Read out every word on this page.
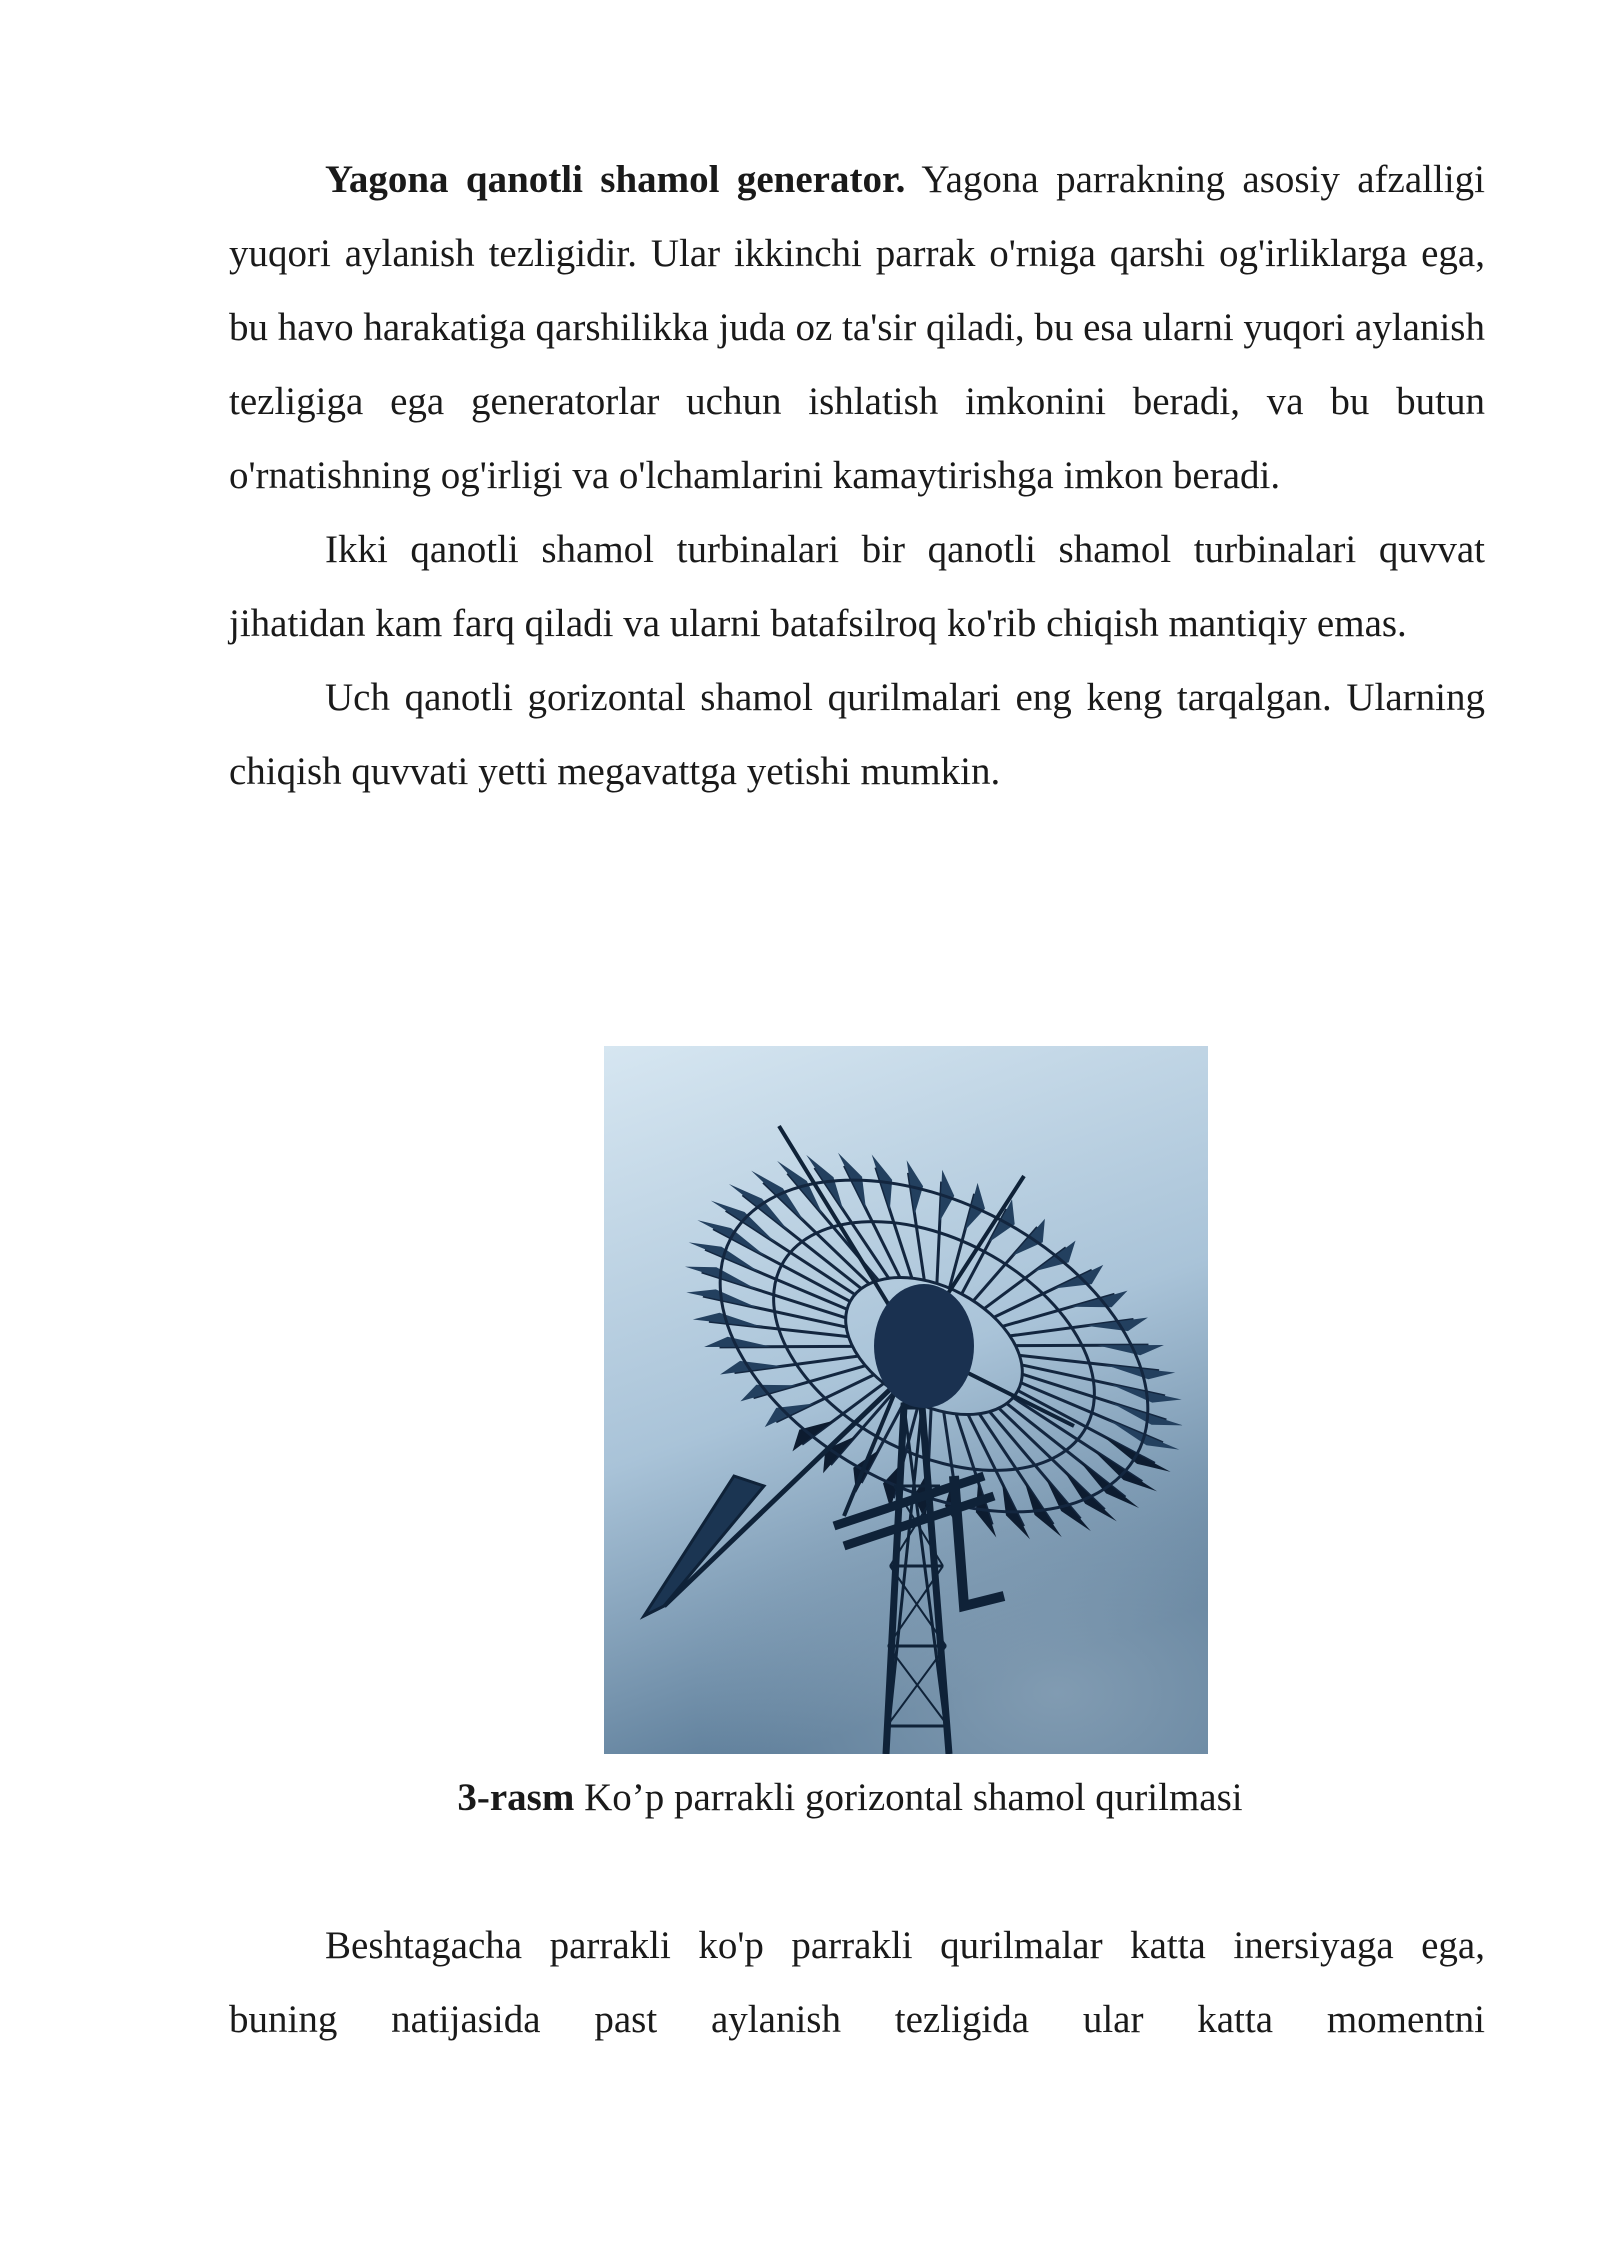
Yagona qanotli shamol generator. Yagona parrakning asosiy afzalligi yuqori aylanish tezligidir. Ular ikkinchi parrak o'rniga qarshi og'irliklarga ega, bu havo harakatiga qarshilikka juda oz ta'sir qiladi, bu esa ularni yuqori aylanish tezligiga ega generatorlar uchun ishlatish imkonini beradi, va bu butun o'rnatishning og'irligi va o'lchamlarini kamaytirishga imkon beradi.

Ikki qanotli shamol turbinalari bir qanotli shamol turbinalari quvvat jihatidan kam farq qiladi va ularni batafsilroq ko'rib chiqish mantiqiy emas.

Uch qanotli gorizontal shamol qurilmalari eng keng tarqalgan. Ularning chiqish quvvati yetti megavattga yetishi mumkin.

3-rasm Ko’p parrakli gorizontal shamol qurilmasi

Beshtagacha parrakli ko'p parrakli qurilmalar katta inersiyaga ega,

buning natijasida past aylanish tezligida ular katta momentni
